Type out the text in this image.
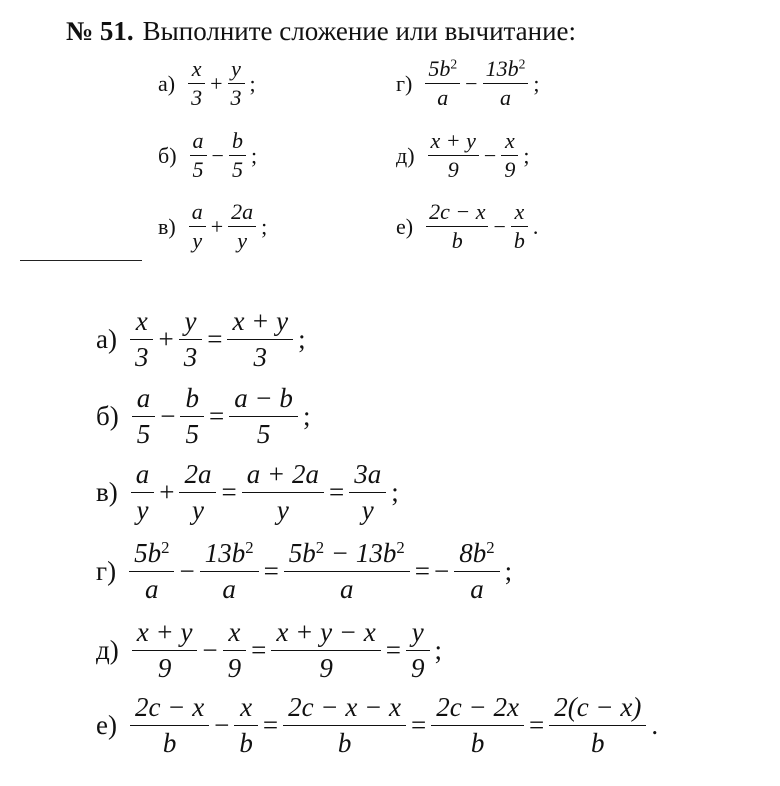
№ 51. Выполните сложение или вычитание:
$а) \frac{x}{3} + \frac{y}{3}$ ;
$б) \frac{a}{5} - \frac{b}{5}$ ;
$в) \frac{a}{y} + \frac{2a}{y}$ ;
$г) \frac{5b^2}{a} - \frac{13b^2}{a}$ ;
$д) \frac{x + y}{9} - \frac{x}{9}$ ;
$е) \frac{2c - x}{b} - \frac{x}{b}$ .
$а) \frac{x}{3} + \frac{y}{3} = \frac{x + y}{3}$ ;
$б) \frac{a}{5} - \frac{b}{5} = \frac{a - b}{5}$ ;
$в) \frac{a}{y} + \frac{2a}{y} = \frac{a + 2a}{y} = \frac{3a}{y}$ ;
$г) \frac{5b^2}{a} - \frac{13b^2}{a} = \frac{5b^2 - 13b^2}{a}$ = − $\frac{8b^2}{a}$ ;
$д) \frac{x + y}{9} - \frac{x}{9} = \frac{x + y - x}{9} = \frac{y}{9}$ ;
$е) \frac{2c - x}{b} - \frac{x}{b} = \frac{2c - x - x}{b} = \frac{2c - 2x}{b} = \frac{2(c - x)}{b}$ .
